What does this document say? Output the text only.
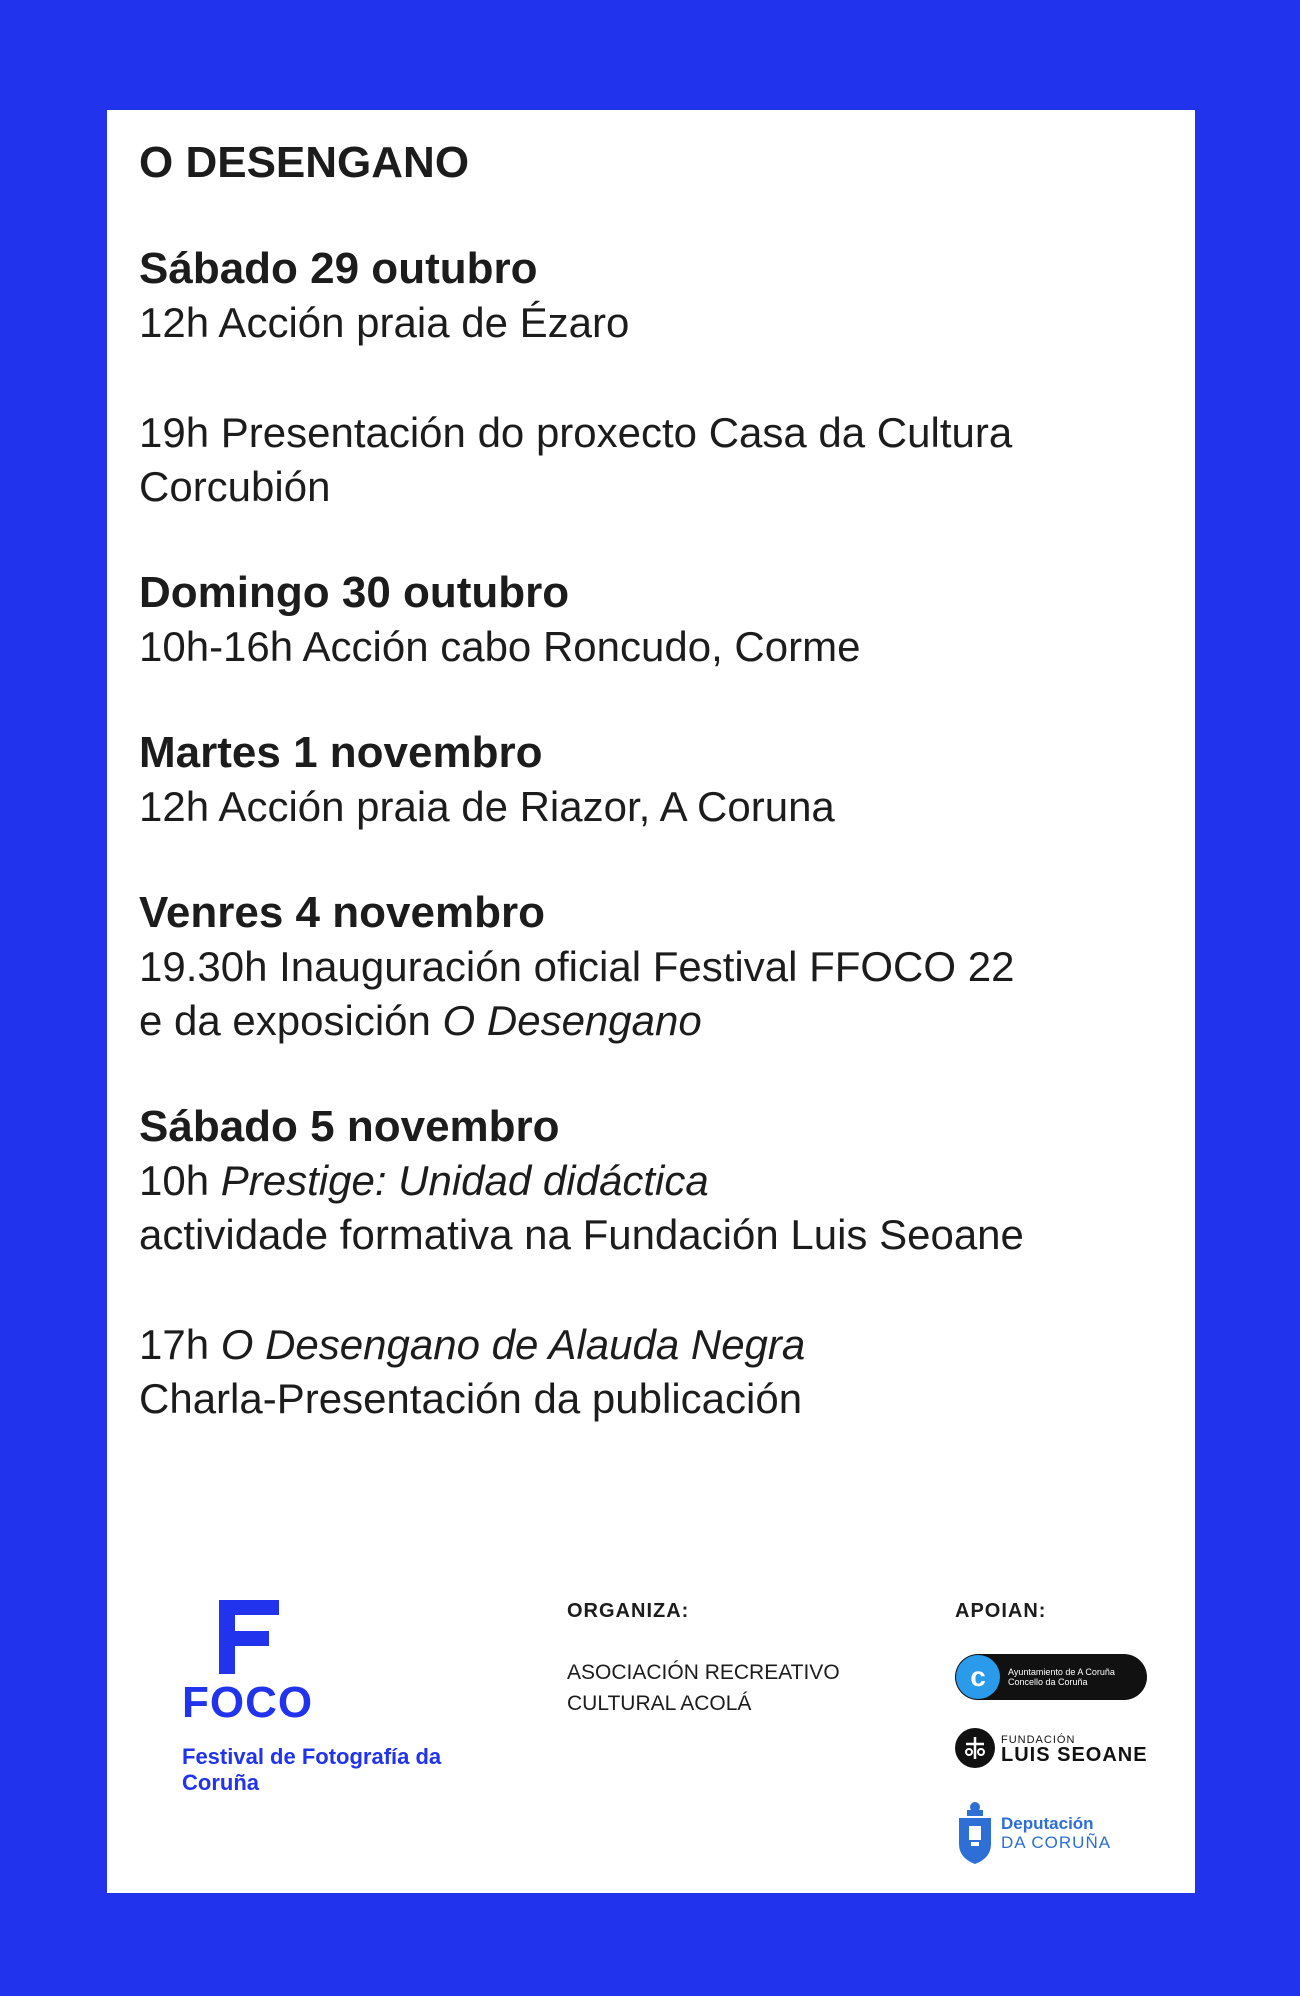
O DESENGANO
Sábado 29 outubro
12h Acción praia de Ézaro
19h Presentación do proxecto Casa da Cultura
Corcubión
Domingo 30 outubro
10h-16h Acción cabo Roncudo, Corme
Martes 1 novembro
12h Acción praia de Riazor, A Coruna
Venres 4 novembro
19.30h Inauguración oficial Festival FFOCO 22
e da exposición O Desengano
Sábado 5 novembro
10h Prestige: Unidad didáctica
actividade formativa na Fundación Luis Seoane
17h O Desengano de Alauda Negra
Charla-Presentación da publicación
FOCO
Festival de Fotografía da Coruña
ORGANIZA:
ASOCIACIÓN RECREATIVO
CULTURAL ACOLÁ
APOIAN:
c	Ayuntamiento de A Coruña
Concello da Coruña
FUNDACIÓN
LUIS SEOANE
Deputación
DA CORUÑA
